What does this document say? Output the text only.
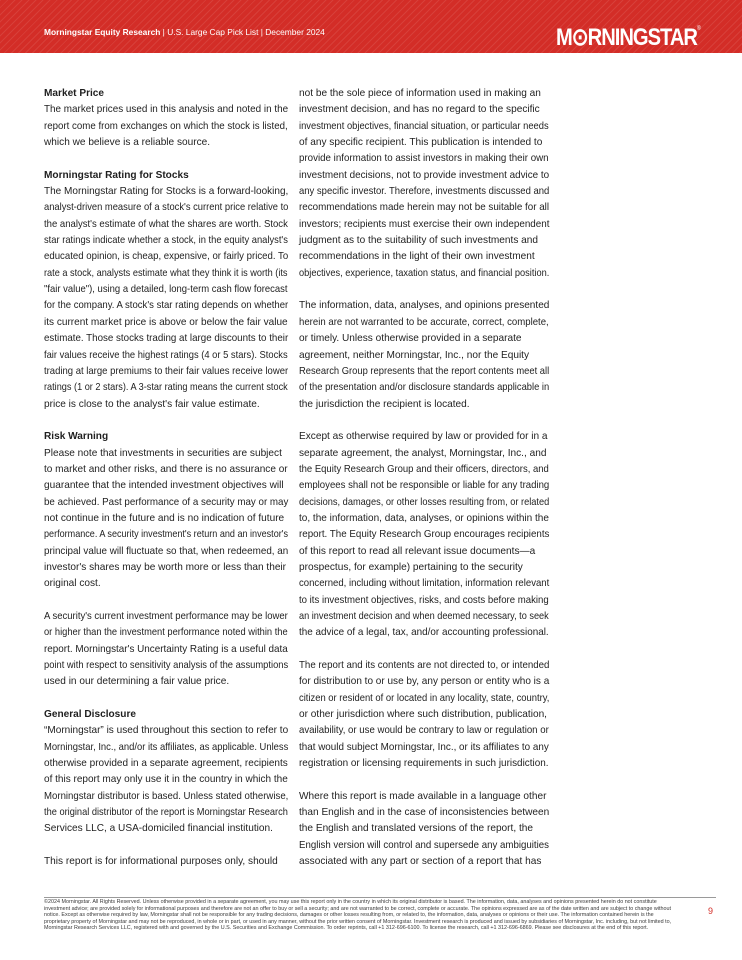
Morningstar Equity Research | U.S. Large Cap Pick List | December 2024	M⊙RNINGSTAR®
Market Price
The market prices used in this analysis and noted in the
report come from exchanges on which the stock is listed,
which we believe is a reliable source.
Morningstar Rating for Stocks
The Morningstar Rating for Stocks is a forward-looking,
analyst-driven measure of a stock's current price relative to
the analyst's estimate of what the shares are worth. Stock
star ratings indicate whether a stock, in the equity analyst's
educated opinion, is cheap, expensive, or fairly priced. To
rate a stock, analysts estimate what they think it is worth (its
"fair value"), using a detailed, long-term cash flow forecast
for the company. A stock's star rating depends on whether
its current market price is above or below the fair value
estimate. Those stocks trading at large discounts to their
fair values receive the highest ratings (4 or 5 stars). Stocks
trading at large premiums to their fair values receive lower
ratings (1 or 2 stars). A 3-star rating means the current stock
price is close to the analyst's fair value estimate.
Risk Warning
Please note that investments in securities are subject
to market and other risks, and there is no assurance or
guarantee that the intended investment objectives will
be achieved. Past performance of a security may or may
not continue in the future and is no indication of future
performance. A security investment's return and an investor's
principal value will fluctuate so that, when redeemed, an
investor's shares may be worth more or less than their
original cost.
A security's current investment performance may be lower
or higher than the investment performance noted within the
report. Morningstar's Uncertainty Rating is a useful data
point with respect to sensitivity analysis of the assumptions
used in our determining a fair value price.
General Disclosure
“Morningstar” is used throughout this section to refer to
Morningstar, Inc., and/or its affiliates, as applicable. Unless
otherwise provided in a separate agreement, recipients
of this report may only use it in the country in which the
Morningstar distributor is based. Unless stated otherwise,
the original distributor of the report is Morningstar Research
Services LLC, a USA-domiciled financial institution.
This report is for informational purposes only, should
not be the sole piece of information used in making an
investment decision, and has no regard to the specific
investment objectives, financial situation, or particular needs
of any specific recipient. This publication is intended to
provide information to assist investors in making their own
investment decisions, not to provide investment advice to
any specific investor. Therefore, investments discussed and
recommendations made herein may not be suitable for all
investors; recipients must exercise their own independent
judgment as to the suitability of such investments and
recommendations in the light of their own investment
objectives, experience, taxation status, and financial position.
The information, data, analyses, and opinions presented
herein are not warranted to be accurate, correct, complete,
or timely. Unless otherwise provided in a separate
agreement, neither Morningstar, Inc., nor the Equity
Research Group represents that the report contents meet all
of the presentation and/or disclosure standards applicable in
the jurisdiction the recipient is located.
Except as otherwise required by law or provided for in a
separate agreement, the analyst, Morningstar, Inc., and
the Equity Research Group and their officers, directors, and
employees shall not be responsible or liable for any trading
decisions, damages, or other losses resulting from, or related
to, the information, data, analyses, or opinions within the
report. The Equity Research Group encourages recipients
of this report to read all relevant issue documents—a
prospectus, for example) pertaining to the security
concerned, including without limitation, information relevant
to its investment objectives, risks, and costs before making
an investment decision and when deemed necessary, to seek
the advice of a legal, tax, and/or accounting professional.
The report and its contents are not directed to, or intended
for distribution to or use by, any person or entity who is a
citizen or resident of or located in any locality, state, country,
or other jurisdiction where such distribution, publication,
availability, or use would be contrary to law or regulation or
that would subject Morningstar, Inc., or its affiliates to any
registration or licensing requirements in such jurisdiction.
Where this report is made available in a language other
than English and in the case of inconsistencies between
the English and translated versions of the report, the
English version will control and supersede any ambiguities
associated with any part or section of a report that has
©2024 Morningstar. All Rights Reserved. Unless otherwise provided in a separate agreement, you may use this report only in the country in which its original distributor is based. The information, data, analyses and opinions presented herein do not constitute
investment advice; are provided solely for informational purposes and therefore are not an offer to buy or sell a security; and are not warranted to be correct, complete or accurate. The opinions expressed are as of the date written and are subject to change without
notice. Except as otherwise required by law, Morningstar shall not be responsible for any trading decisions, damages or other losses resulting from, or related to, the information, data, analyses or opinions or their use. The information contained herein is the
proprietary property of Morningstar and may not be reproduced, in whole or in part, or used in any manner, without the prior written consent of Morningstar. Investment research is produced and issued by subsidiaries of Morningstar, Inc. including, but not limited to,
Morningstar Research Services LLC, registered with and governed by the U.S. Securities and Exchange Commission. To order reprints, call +1 312-696-6100. To license the research, call +1 312-696-6869. Please see disclosures at the end of this report.
9
